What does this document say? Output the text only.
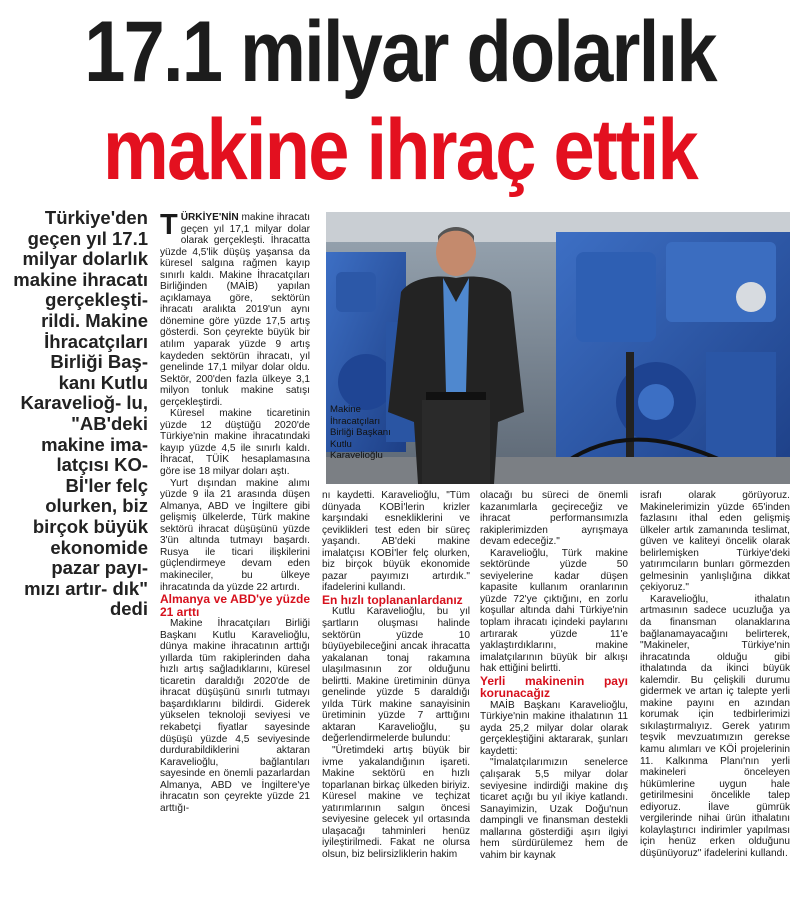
17.1 milyar dolarlık
makine ihraç ettik
Türkiye'den geçen yıl 17.1 milyar dolarlık makine ihracatı gerçekleşti- rildi. Makine İhracatçıları Birliği Baş- kanı Kutlu Karavelioğ- lu, "AB'deki makine ima- latçısı KO- Bİ'ler felç olurken, biz birçok büyük ekonomide pazar payı- mızı artır- dık" dedi
Makine İhracatçıları Birliği Başkanı Kutlu Karavelioğlu

TÜRKİYE'NİN makine ihracatı geçen yıl 17,1 milyar dolar olarak gerçekleşti. İhracatta yüzde 4,5'lik düşüş yaşansa da küresel salgına rağmen kayıp sınırlı kaldı. Makine İhracatçıları Birliğinden (MAİB) yapılan açıklamaya göre, sektörün ihracatı aralıkta 2019'un aynı dönemine göre yüzde 17,5 artış gösterdi. Son çeyrekte büyük bir atılım yaparak yüzde 9 artış kaydeden sektörün ihracatı, yıl genelinde 17,1 milyar dolar oldu. Sektör, 200'den fazla ülkeye 3,1 milyon tonluk makine satışı gerçekleştirdi.

Küresel makine ticaretinin yüzde 12 düştüğü 2020'de Türkiye'nin makine ihracatındaki kayıp yüzde 4,5 ile sınırlı kaldı. İhracat, TÜİK hesaplamasına göre ise 18 milyar doları aştı.

Yurt dışından makine alımı yüzde 9 ila 21 arasında düşen Almanya, ABD ve İngiltere gibi gelişmiş ülkelerde, Türk makine sektörü ihracat düşüşünü yüzde 3'ün altında tutmayı başardı. Rusya ile ticari ilişkilerini güçlendirmeye devam eden makineciler, bu ülkeye ihracatında da yüzde 22 artırdı.

Almanya ve ABD'ye yüzde 21 arttı

Makine İhracatçıları Birliği Başkanı Kutlu Karavelioğlu, dünya makine ihracatının arttığı yıllarda tüm rakiplerinden daha hızlı artış sağladıklarını, küresel ticaretin daraldığı 2020'de de ihracat düşüşünü sınırlı tutmayı başardıklarını bildirdi. Giderek yükselen teknoloji seviyesi ve rekabetçi fiyatlar sayesinde düşüşü yüzde 4,5 seviyesinde durdurabildiklerini aktaran Karavelioğlu, bağlantıları sayesinde en önemli pazarlardan Almanya, ABD ve İngiltere'ye ihracatın son çeyrekte yüzde 21 arttığı-

nı kaydetti. Karavelioğlu, "Tüm dünyada KOBİ'lerin krizler karşındaki esnekliklerini ve çeviklikleri test eden bir süreç yaşandı. AB'deki makine imalatçısı KOBİ'ler felç olurken, biz birçok büyük ekonomide pazar payımızı artırdık." ifadelerini kullandı.

En hızlı toplananlardanız

Kutlu Karavelioğlu, bu yıl şartların oluşması halinde sektörün yüzde 10 büyüyebileceğini ancak ihracatta yakalanan tonaj rakamına ulaşılmasının zor olduğunu belirtti. Makine üretiminin dünya genelinde yüzde 5 daraldığı yılda Türk makine sanayisinin üretiminin yüzde 7 arttığını aktaran Karavelioğlu, şu değerlendirmelerde bulundu:

"Üretimdeki artış büyük bir ivme yakalandığının işareti. Makine sektörü en hızlı toparlanan birkaç ülkeden biriyiz. Küresel makine ve teçhizat yatırımlarının salgın öncesi seviyesine gelecek yıl ortasında ulaşacağı tahminleri henüz iyileştirilmedi. Fakat ne olursa olsun, biz belirsizliklerin hakim

olacağı bu süreci de önemli kazanımlarla geçireceğiz ve ihracat performansımızla rakiplerimizden ayrışmaya devam edeceğiz."

Karavelioğlu, Türk makine sektöründe yüzde 50 seviyelerine kadar düşen kapasite kullanım oranlarının yüzde 72'ye çıktığını, en zorlu koşullar altında dahi Türkiye'nin toplam ihracatı içindeki paylarını artırarak yüzde 11'e yaklaştırdıklarını, makine imalatçılarının büyük bir alkışı hak ettiğini belirtti.

Yerli makinenin payı korunacağız

MAİB Başkanı Karavelioğlu, Türkiye'nin makine ithalatının 11 ayda 25,2 milyar dolar olarak gerçekleştiğini aktararak, şunları kaydetti:

"İmalatçılarımızın senelerce çalışarak 5,5 milyar dolar seviyesine indirdiği makine dış ticaret açığı bu yıl ikiye katlandı. Sanayimizin, Uzak Doğu'nun dampingli ve finansman destekli mallarına gösterdiği aşırı ilgiyi hem sürdürülemez hem de vahim bir kaynak

israfı olarak görüyoruz. Makinelerimizin yüzde 65'inden fazlasını ithal eden gelişmiş ülkeler artık zamanında teslimat, güven ve kaliteyi öncelik olarak belirlemişken Türkiye'deki yatırımcıların bunları görmezden gelmesinin yanlışlığına dikkat çekiyoruz."

Karavelioğlu, ithalatın artmasının sadece ucuzluğa ya da finansman olanaklarına bağlanamayacağını belirterek, "Makineler, Türkiye'nin ihracatında olduğu gibi ithalatında da ikinci büyük kalemdir. Bu çelişkili durumu gidermek ve artan iç talepte yerli makine payını en azından korumak için tedbirlerimizi sıkılaştırmalıyız. Gerek yatırım teşvik mevzuatımızın gerekse kamu alımları ve KÖİ projelerinin 11. Kalkınma Planı'nın yerli makineleri önceleyen hükümlerine uygun hale getirilmesini öncelikle talep ediyoruz. İlave gümrük vergilerinde nihai ürün ithalatını kolaylaştırıcı indirimler yapılması için henüz erken olduğunu düşünüyoruz" ifadelerini kullandı.
